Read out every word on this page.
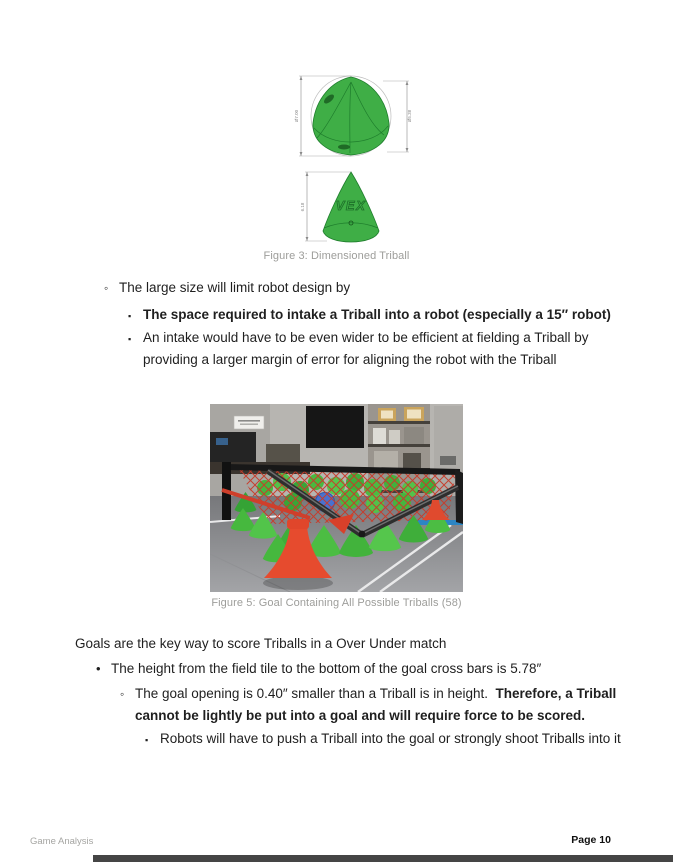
Ø7.00	Ø5.38
VEX
6.18
Figure 3: Dimensioned Triball
◦ The large size will limit robot design by
▪ The space required to intake a Triball into a robot (especially a 15″ robot)
▪ An intake would have to be even wider to be efficient at fielding a Triball by providing a larger margin of error for aligning the robot with the Triball
Figure 5: Goal Containing All Possible Triballs (58)
Goals are the key way to score Triballs in a Over Under match
• The height from the field tile to the bottom of the goal cross bars is 5.78″
◦ The goal opening is 0.40″ smaller than a Triball is in height.  Therefore, a Triball cannot be lightly be put into a goal and will require force to be scored.
▪ Robots will have to push a Triball into the goal or strongly shoot Triballs into it
Game Analysis	Page 10
